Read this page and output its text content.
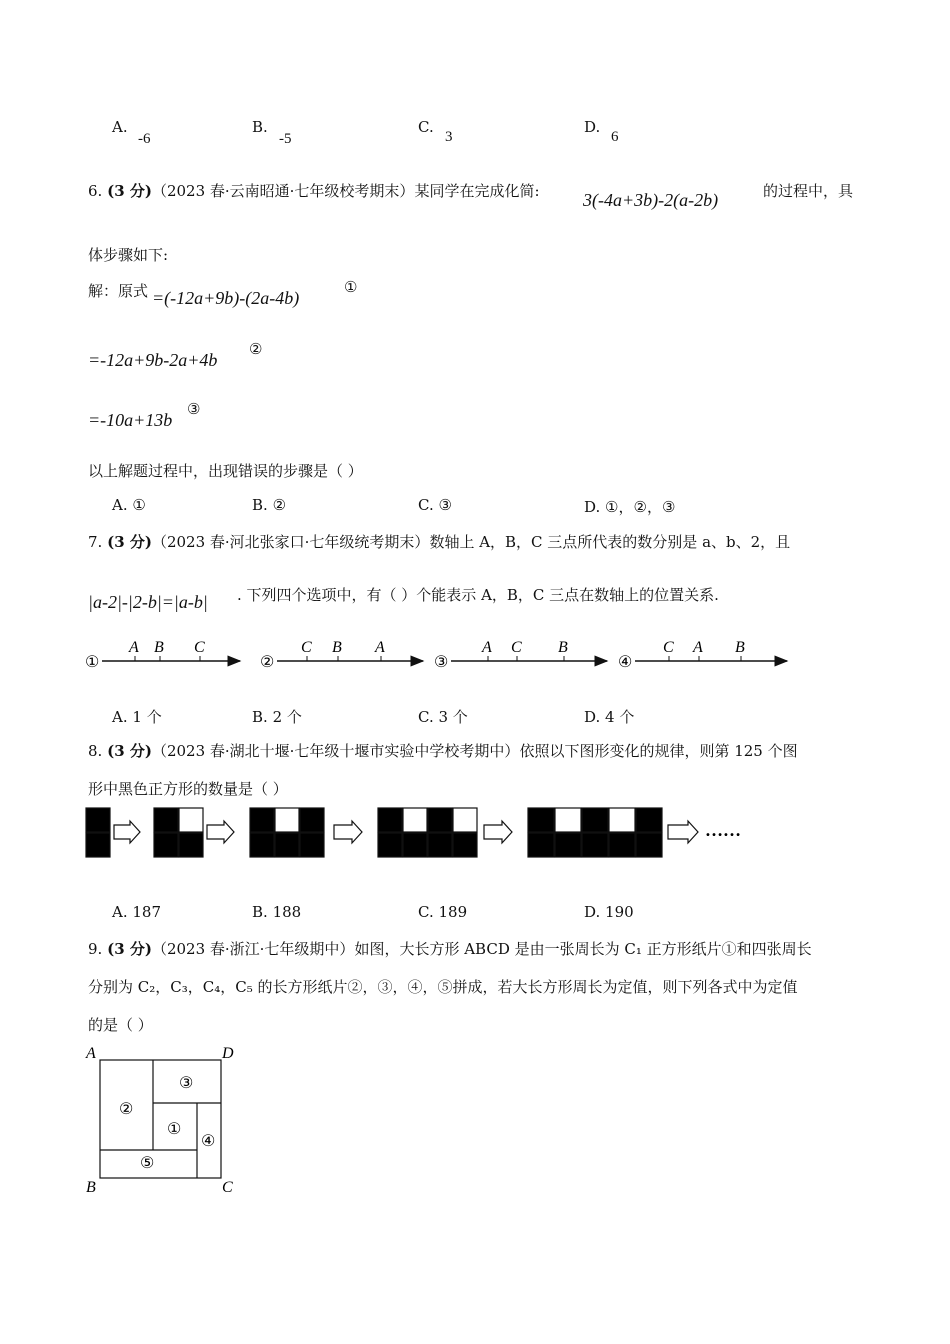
A.
-6
B.
-5
C.
3
D.
6
6. (3 分)（2023 春·云南昭通·七年级校考期末）某同学在完成化简: 3(-4a+3b)-2(a-2b)	的过程中，具
体步骤如下:
解：原式 =(-12a+9b)-(2a-4b)
①
=-12a+9b-2a+4b
②
=-10a+13b
③
以上解题过程中，出现错误的步骤是（ ）
A. ①	B. ②	C. ③	D. ①，②，③
7. (3 分)（2023 春·河北张家口·七年级统考期末）数轴上 A，B，C 三点所代表的数分别是 a、b、2，且
|a-2|-|2-b|=|a-b| . 下列四个选项中，有（ ）个能表示 A，B，C 三点在数轴上的位置关系.
①
A B C
②
C B A
③
A C B
④
C A B
A. 1 个	B. 2 个	C. 3 个	D. 4 个
8. (3 分)（2023 春·湖北十堰·七年级十堰市实验中学校考期中）依照以下图形变化的规律，则第 125 个图
形中黑色正方形的数量是（ ）
……
A. 187	B. 188	C. 189	D. 190
9. (3 分)（2023 春·浙江·七年级期中）如图，大长方形 ABCD 是由一张周长为 C₁ 正方形纸片①和四张周长
分别为 C₂，C₃，C₄，C₅ 的长方形纸片②，③，④，⑤拼成，若大长方形周长为定值，则下列各式中为定值
的是（ ）
A	D
B	C
①
②
③
④
⑤
